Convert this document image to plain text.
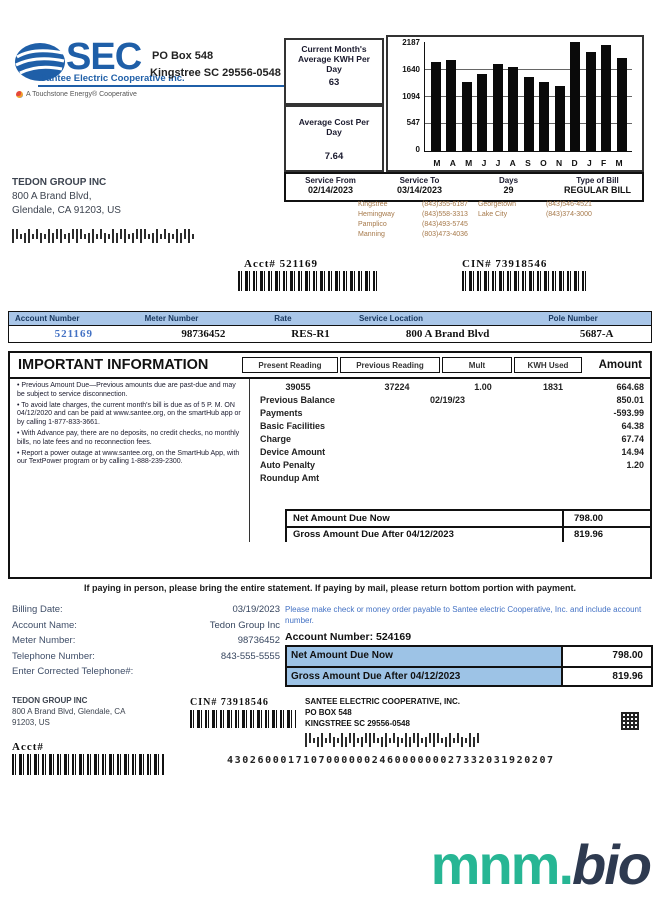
SEC
Santee Electric Cooperative Inc.
A Touchstone Energy® Cooperative
PO Box 548
Kingstree SC 29556-0548
Current Month's Average KWH Per Day
63
Average Cost Per Day
7.64
2187
1640
1094
547
0
M A M J J A S O N D J F M
Service From
02/14/2023
Service To
03/14/2023
Days
29
Type of Bill
REGULAR BILL
TEDON GROUP INC
800 A Brand Blvd,
Glendale, CA 91203, US
Kingstree	(843)355-6187
Hemingway	(843)558-3313
Pamplico	(843)493-5745
Manning	(803)473-4036
Georgetown	(843)546-4521
Lake City	(843)374-3000
Acct# 521169	CIN# 73918546
Account Number	Meter Number	Rate	Service Location	Pole Number
521169	98736452	RES-R1	800 A Brand Blvd	5687-A
IMPORTANT INFORMATION	Present Reading	Previous Reading	Mult	KWH Used	Amount

• Previous Amount Due—Previous amounts due are past-due and may be subject to service disconnection.

• To avoid late charges, the current month's bill is due as of 5 P. M. ON 04/12/2020 and can be paid at www.santee.org, on the smartHub app or by calling 1-877-833-3661.

• With Advance pay, there are no deposits, no credit checks, no monthly bills, no late fees and no reconnection fees.

• Report a power outage at www.santee.org, on the SmartHub App, with our TextPower program or by calling 1-888-239-2300.

39055	37224	1.00	1831	664.68
Previous Balance	02/19/23	850.01
Payments	-593.99
Basic Facilities	64.38
Charge	67.74
Device Amount	14.94
Auto Penalty	1.20
Roundup Amt
Net Amount Due Now	798.00
Gross Amount Due After 04/12/2023	819.96
If paying in person, please bring the entire statement. If paying by mail, please return bottom portion with payment.
Billing Date:	03/19/2023
Account Name:	Tedon Group Inc
Meter Number:	98736452
Telephone Number:	843-555-5555
Enter Corrected Telephone#:
Please make check or money order payable to Santee electric Cooperative, Inc. and include account number.
Account Number: 524169
Net Amount Due Now	798.00
Gross Amount Due After 04/12/2023	819.96
TEDON GROUP INC
800 A Brand Blvd, Glendale, CA
91203, US
CIN# 73918546	SANTEE ELECTRIC COOPERATIVE, INC.
PO BOX 548
KINGSTREE SC 29556-0548
Acct#
4302600017107000000246000000027332031920207
mnm.bio
